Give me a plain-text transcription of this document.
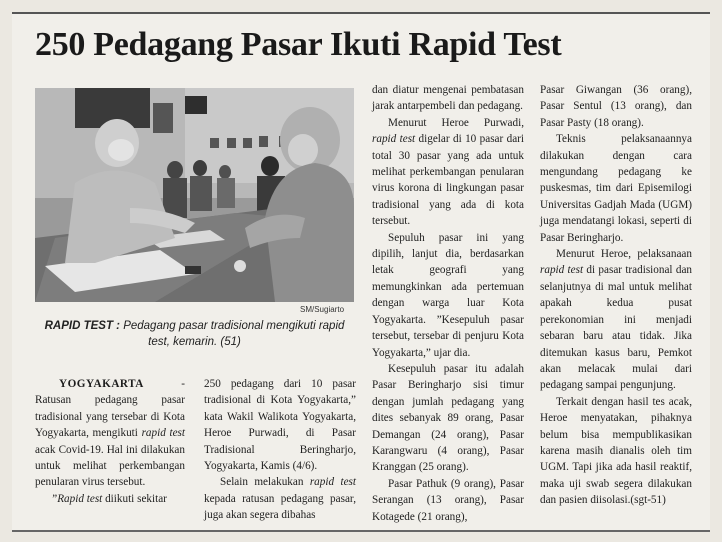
250 Pedagang Pasar Ikuti Rapid Test
SM/Sugiarto
RAPID TEST : Pedagang pasar tradisional mengikuti rapid test, kemarin. (51)

YOGYAKARTA - Ratusan pedagang pasar tradisional yang tersebar di Kota Yogyakarta, mengikuti rapid test acak Covid-19. Hal ini dilakukan untuk melihat perkembangan penularan virus tersebut.

”Rapid test diikuti sekitar

250 pedagang dari 10 pasar tradisional di Kota Yogyakarta,” kata Wakil Walikota Yogyakarta, Heroe Purwadi, di Pasar Tradisional Beringharjo, Yogyakarta, Kamis (4/6).

Selain melakukan rapid test kepada ratusan pedagang pasar, juga akan segera dibahas

dan diatur mengenai pembatasan jarak antarpembeli dan pedagang.

Menurut Heroe Purwadi, rapid test digelar di 10 pasar dari total 30 pasar yang ada untuk melihat perkembangan penularan virus korona di lingkungan pasar tradisional yang ada di kota tersebut.

Sepuluh pasar ini yang dipilih, lanjut dia, berdasarkan letak geografi yang memungkinkan ada pertemuan dengan warga luar Kota Yogyakarta. ”Kesepuluh pasar tersebut, tersebar di penjuru Kota Yogyakarta,” ujar dia.

Kesepuluh pasar itu adalah Pasar Beringharjo sisi timur dengan jumlah pedagang yang dites sebanyak 89 orang, Pasar Demangan (24 orang), Pasar Karangwaru (4 orang), Pasar Kranggan (25 orang).

Pasar Pathuk (9 orang), Pasar Serangan (13 orang), Pasar Kotagede (21 orang),

Pasar Giwangan (36 orang), Pasar Sentul (13 orang), dan Pasar Pasty (18 orang).

Teknis pelaksanaannya dilakukan dengan cara mengundang pedagang ke puskesmas, tim dari Episemilogi Universitas Gadjah Mada (UGM) juga mendatangi lokasi, seperti di Pasar Beringharjo.

Menurut Heroe, pelaksanaan rapid test di pasar tradisional dan selanjutnya di mal untuk melihat apakah kedua pusat perekonomian ini menjadi sebaran baru atau tidak. Jika ditemukan kasus baru, Pemkot akan melacak mulai dari pedagang sampai pengunjung.

Terkait dengan hasil tes acak, Heroe menyatakan, pihaknya belum bisa mempublikasikan karena masih dianalis oleh tim UGM. Tapi jika ada hasil reaktif, maka uji swab segera dilakukan dan pasien diisolasi.(sgt-51)
